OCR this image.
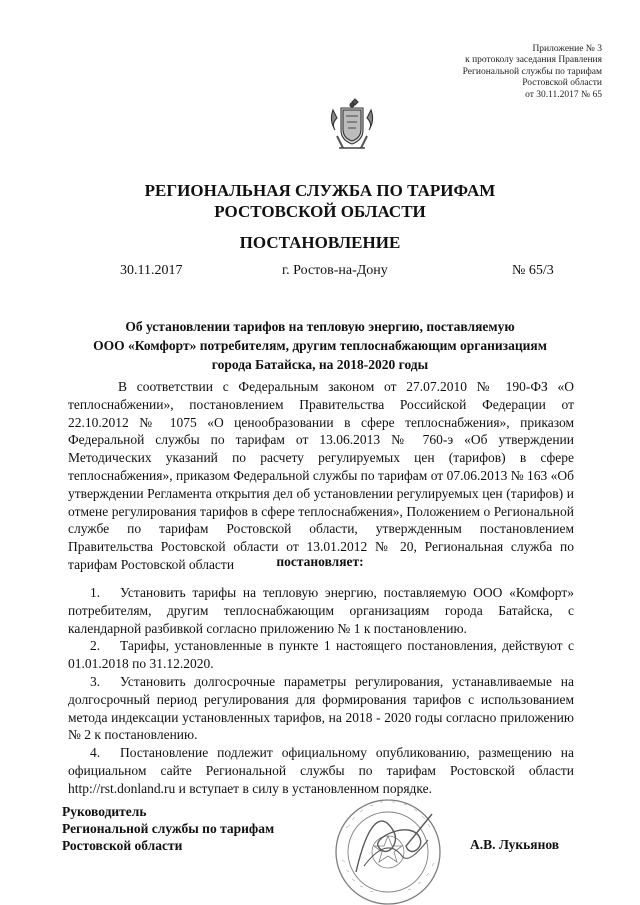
Приложение № 3
к протоколу заседания Правления
Региональной службы по тарифам
Ростовской области
от 30.11.2017 № 65
РЕГИОНАЛЬНАЯ СЛУЖБА ПО ТАРИФАМ
РОСТОВСКОЙ ОБЛАСТИ
ПОСТАНОВЛЕНИЕ
30.11.2017	г. Ростов-на-Дону	№ 65/3
Об установлении тарифов на тепловую энергию, поставляемую
ООО «Комфорт» потребителям, другим теплоснабжающим организациям
города Батайска, на 2018-2020 годы
В соответствии с Федеральным законом от 27.07.2010 № 190-ФЗ «О теплоснабжении», постановлением Правительства Российской Федерации от 22.10.2012 № 1075 «О ценообразовании в сфере теплоснабжения», приказом Федеральной службы по тарифам от 13.06.2013 № 760-э «Об утверждении Методических указаний по расчету регулируемых цен (тарифов) в сфере теплоснабжения», приказом Федеральной службы по тарифам от 07.06.2013 № 163 «Об утверждении Регламента открытия дел об установлении регулируемых цен (тарифов) и отмене регулирования тарифов в сфере теплоснабжения», Положением о Региональной службе по тарифам Ростовской области, утвержденным постановлением Правительства Ростовской области от 13.01.2012 № 20, Региональная служба по тарифам Ростовской области	постановляет:
1. Установить тарифы на тепловую энергию, поставляемую ООО «Комфорт» потребителям, другим теплоснабжающим организациям города Батайска, с календарной разбивкой согласно приложению № 1 к постановлению.
2. Тарифы, установленные в пункте 1 настоящего постановления, действуют с 01.01.2018 по 31.12.2020.
3. Установить долгосрочные параметры регулирования, устанавливаемые на долгосрочный период регулирования для формирования тарифов с использованием метода индексации установленных тарифов, на 2018 - 2020 годы согласно приложению № 2 к постановлению.
4. Постановление подлежит официальному опубликованию, размещению на официальном сайте Региональной службы по тарифам Ростовской области http://rst.donland.ru и вступает в силу в установленном порядке.
Руководитель
Региональной службы по тарифам
Ростовской области	А.В. Лукьянов
